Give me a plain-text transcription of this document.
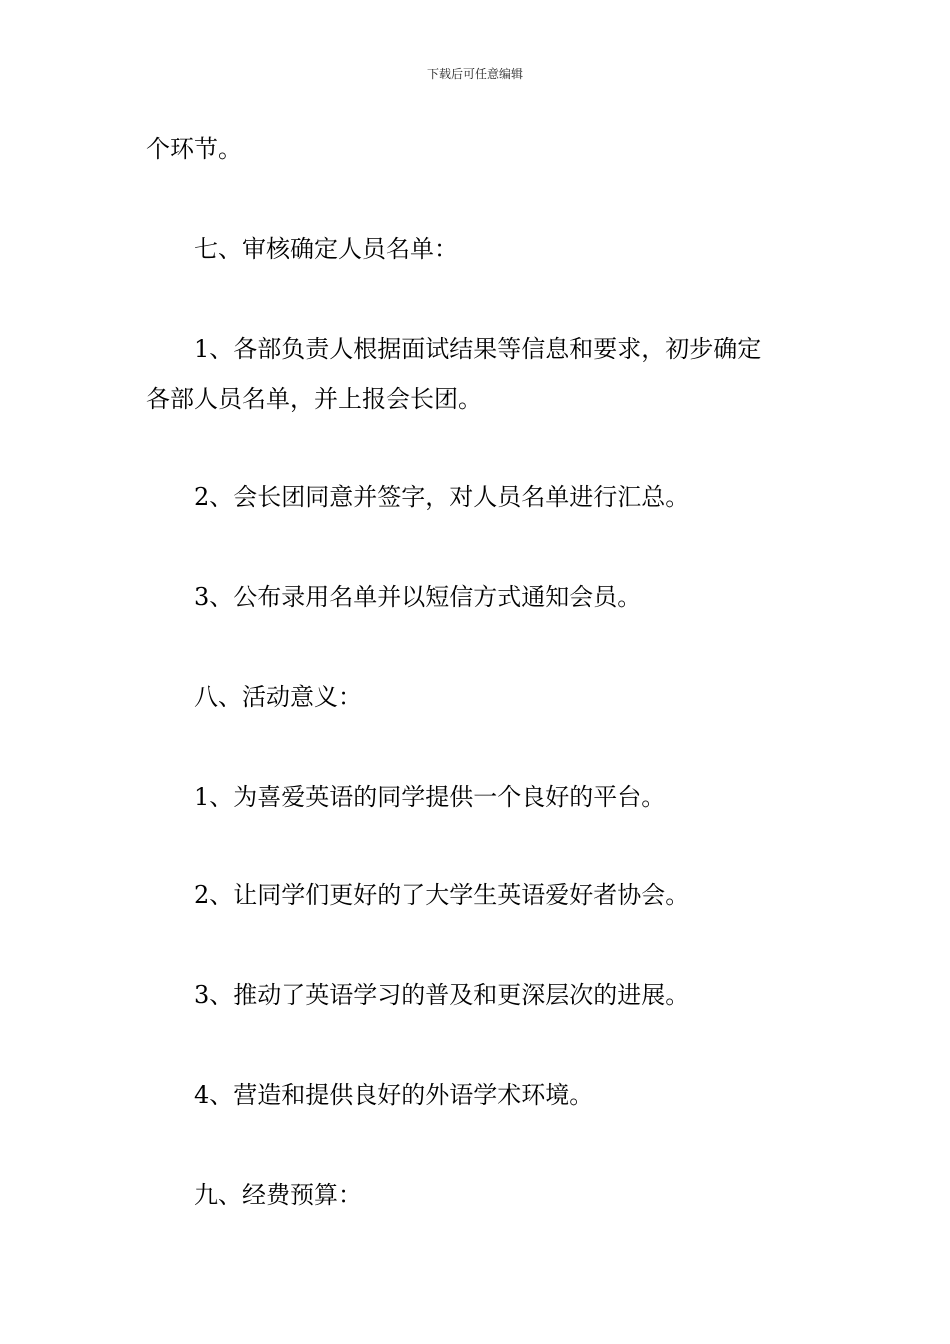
下载后可任意编辑
个环节。
七、审核确定人员名单：
1、各部负责人根据面试结果等信息和要求，初步确定
各部人员名单，并上报会长团。
2、会长团同意并签字，对人员名单进行汇总。
3、公布录用名单并以短信方式通知会员。
八、活动意义：
1、为喜爱英语的同学提供一个良好的平台。
2、让同学们更好的了大学生英语爱好者协会。
3、推动了英语学习的普及和更深层次的进展。
4、营造和提供良好的外语学术环境。
九、经费预算：
